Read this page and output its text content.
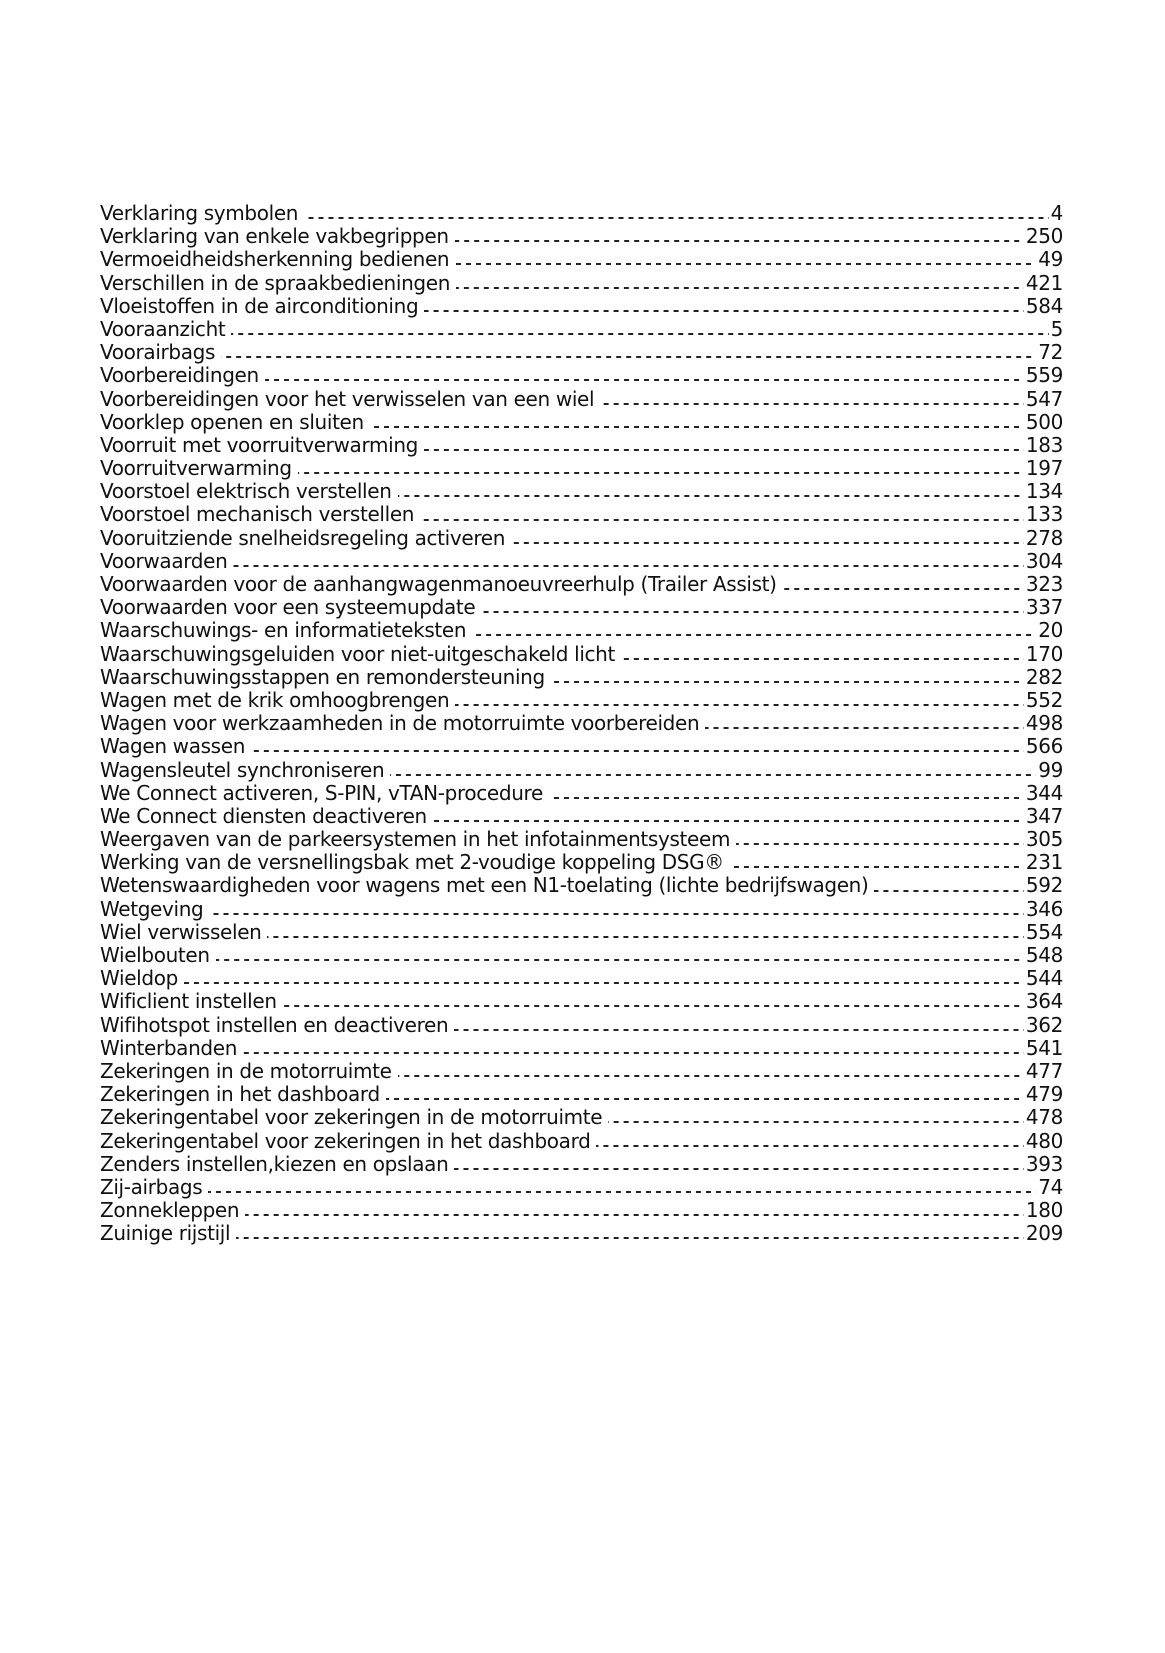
Verklaring symbolen	4
Verklaring van enkele vakbegrippen	250
Vermoeidheidsherkenning bedienen	49
Verschillen in de spraakbedieningen	421
Vloeistoffen in de airconditioning	584
Vooraanzicht	5
Voorairbags	72
Voorbereidingen	559
Voorbereidingen voor het verwisselen van een wiel	547
Voorklep openen en sluiten	500
Voorruit met voorruitverwarming	183
Voorruitverwarming	197
Voorstoel elektrisch verstellen	134
Voorstoel mechanisch verstellen	133
Vooruitziende snelheidsregeling activeren	278
Voorwaarden	304
Voorwaarden voor de aanhangwagenmanoeuvreerhulp (Trailer Assist)	323
Voorwaarden voor een systeemupdate	337
Waarschuwings- en informatieteksten	20
Waarschuwingsgeluiden voor niet-uitgeschakeld licht	170
Waarschuwingsstappen en remondersteuning	282
Wagen met de krik omhoogbrengen	552
Wagen voor werkzaamheden in de motorruimte voorbereiden	498
Wagen wassen	566
Wagensleutel synchroniseren	99
We Connect activeren, S-PIN, vTAN-procedure	344
We Connect diensten deactiveren	347
Weergaven van de parkeersystemen in het infotainmentsysteem	305
Werking van de versnellingsbak met 2-voudige koppeling DSG®	231
Wetenswaardigheden voor wagens met een N1-toelating (lichte bedrijfswagen)	592
Wetgeving	346
Wiel verwisselen	554
Wielbouten	548
Wieldop	544
Wificlient instellen	364
Wifihotspot instellen en deactiveren	362
Winterbanden	541
Zekeringen in de motorruimte	477
Zekeringen in het dashboard	479
Zekeringentabel voor zekeringen in de motorruimte	478
Zekeringentabel voor zekeringen in het dashboard	480
Zenders instellen,kiezen en opslaan	393
Zij-airbags	74
Zonnekleppen	180
Zuinige rijstijl	209
